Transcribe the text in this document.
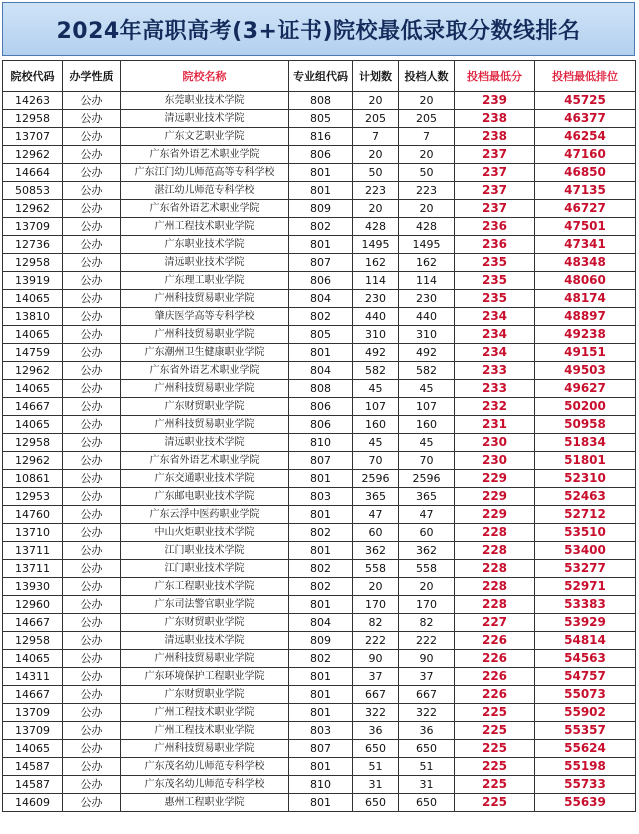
2024年高职高考(3+证书)院校最低录取分数线排名
院校代码	办学性质	院校名称	专业组代码	计划数	投档人数	投档最低分	投档最低排位
14263	公办	东莞职业技术学院	808	20	20	239	45725
12958	公办	清远职业技术学院	805	205	205	238	46377
13707	公办	广东文艺职业学院	816	7	7	238	46254
12962	公办	广东省外语艺术职业学院	806	20	20	237	47160
14664	公办	广东江门幼儿师范高等专科学校	801	50	50	237	46850
50853	公办	湛江幼儿师范专科学校	801	223	223	237	47135
12962	公办	广东省外语艺术职业学院	809	20	20	237	46727
13709	公办	广州工程技术职业学院	802	428	428	236	47501
12736	公办	广东职业技术学院	801	1495	1495	236	47341
12958	公办	清远职业技术学院	807	162	162	235	48348
13919	公办	广东理工职业学院	806	114	114	235	48060
14065	公办	广州科技贸易职业学院	804	230	230	235	48174
13810	公办	肇庆医学高等专科学校	802	440	440	234	48897
14065	公办	广州科技贸易职业学院	805	310	310	234	49238
14759	公办	广东潮州卫生健康职业学院	801	492	492	234	49151
12962	公办	广东省外语艺术职业学院	804	582	582	233	49503
14065	公办	广州科技贸易职业学院	808	45	45	233	49627
14667	公办	广东财贸职业学院	806	107	107	232	50200
14065	公办	广州科技贸易职业学院	806	160	160	231	50958
12958	公办	清远职业技术学院	810	45	45	230	51834
12962	公办	广东省外语艺术职业学院	807	70	70	230	51801
10861	公办	广东交通职业技术学院	801	2596	2596	229	52310
12953	公办	广东邮电职业技术学院	803	365	365	229	52463
14760	公办	广东云浮中医药职业学院	801	47	47	229	52712
13710	公办	中山火炬职业技术学院	802	60	60	228	53510
13711	公办	江门职业技术学院	801	362	362	228	53400
13711	公办	江门职业技术学院	802	558	558	228	53277
13930	公办	广东工程职业技术学院	802	20	20	228	52971
12960	公办	广东司法警官职业学院	801	170	170	228	53383
14667	公办	广东财贸职业学院	804	82	82	227	53929
12958	公办	清远职业技术学院	809	222	222	226	54814
14065	公办	广州科技贸易职业学院	802	90	90	226	54563
14311	公办	广东环境保护工程职业学院	801	37	37	226	54757
14667	公办	广东财贸职业学院	801	667	667	226	55073
13709	公办	广州工程技术职业学院	801	322	322	225	55902
13709	公办	广州工程技术职业学院	803	36	36	225	55357
14065	公办	广州科技贸易职业学院	807	650	650	225	55624
14587	公办	广东茂名幼儿师范专科学校	801	51	51	225	55198
14587	公办	广东茂名幼儿师范专科学校	810	31	31	225	55733
14609	公办	惠州工程职业学院	801	650	650	225	55639
